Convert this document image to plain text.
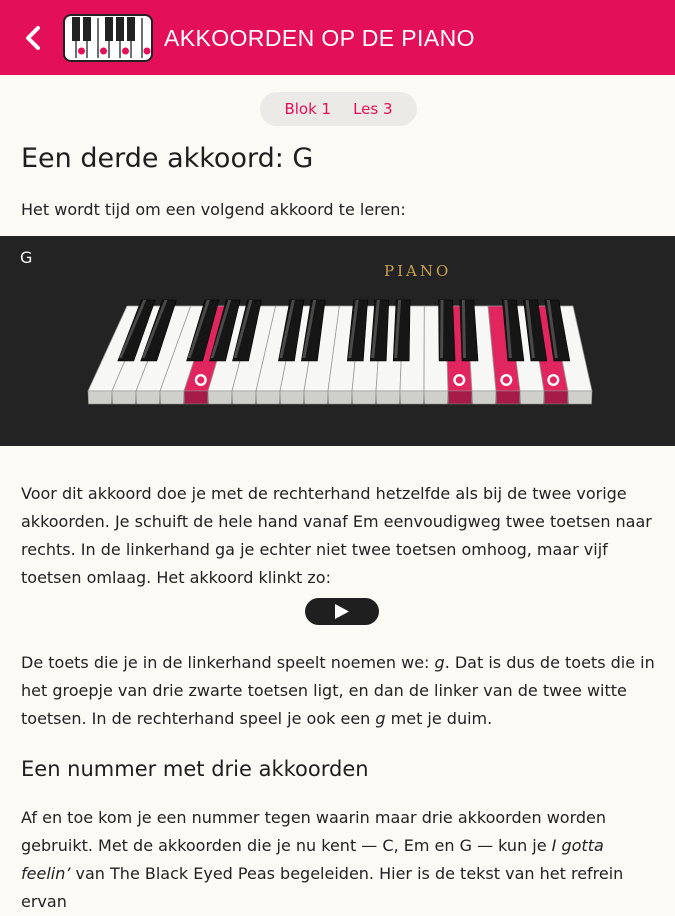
AKKOORDEN OP DE PIANO
Blok 1 Les 3
Een derde akkoord: G

Het wordt tijd om een volgend akkoord te leren:

G
PIANO

Voor dit akkoord doe je met de rechterhand hetzelfde als bij de twee vorige akkoorden. Je schuift de hele hand vanaf Em eenvoudigweg twee toetsen naar rechts. In de linkerhand ga je echter niet twee toetsen omhoog, maar vijf toetsen omlaag. Het akkoord klinkt zo:

De toets die je in de linkerhand speelt noemen we: g. Dat is dus de toets die in het groepje van drie zwarte toetsen ligt, en dan de linker van de twee witte toetsen. In de rechterhand speel je ook een g met je duim.

Een nummer met drie akkoorden

Af en toe kom je een nummer tegen waarin maar drie akkoorden worden gebruikt. Met de akkoorden die je nu kent — C, Em en G — kun je I gotta feelin’ van The Black Eyed Peas begeleiden. Hier is de tekst van het refrein ervan
